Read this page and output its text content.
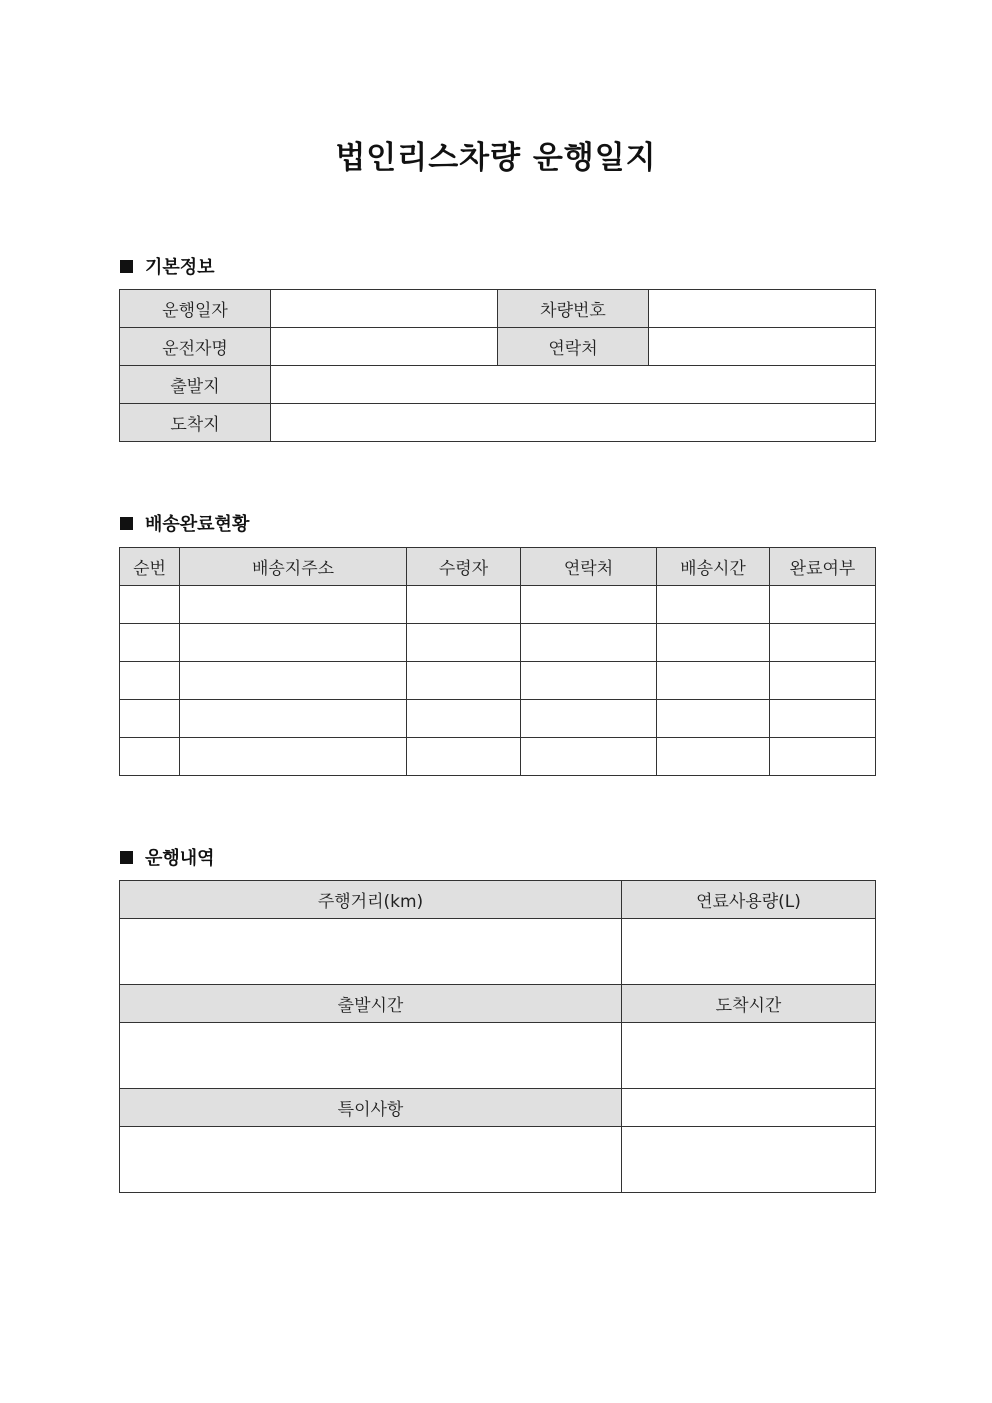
법인리스차량 운행일지
기본정보
운행일자		차량번호	
운전자명		연락처	
출발지			
도착지			
배송완료현황
순번	배송지주소	수령자	연락처	배송시간	완료여부

운행내역
주행거리(km)	연료사용량(L)

출발시간	도착시간

특이사항	
